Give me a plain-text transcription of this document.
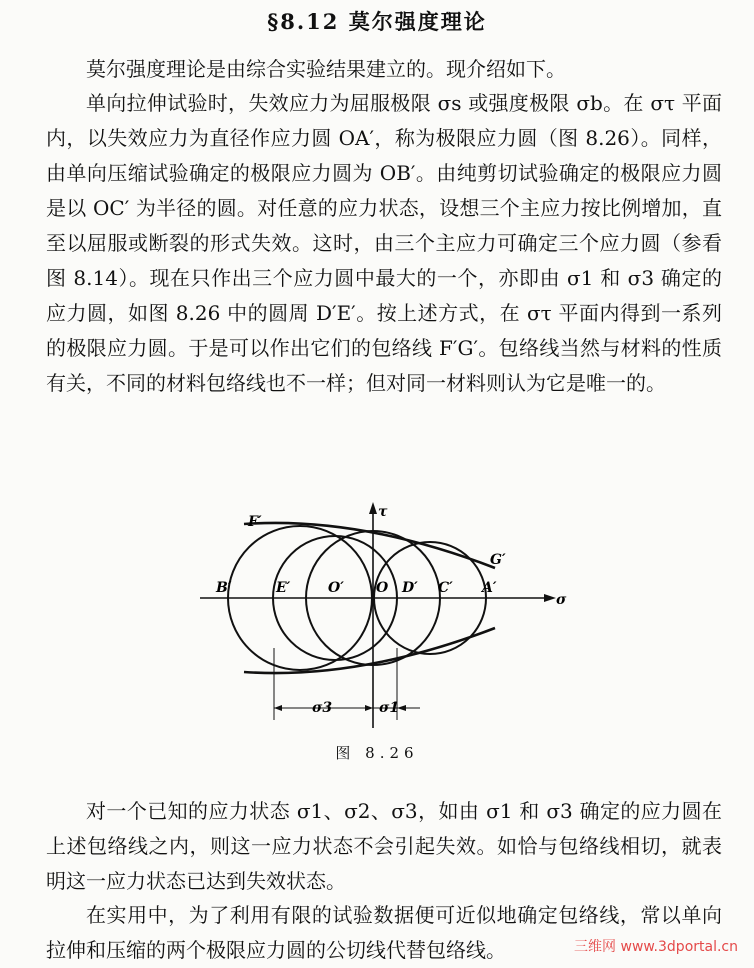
§8.12 莫尔强度理论

莫尔强度理论是由综合实验结果建立的。现介绍如下。

单向拉伸试验时，失效应力为屈服极限 σs 或强度极限 σb。在 στ 平面内，以失效应力为直径作应力圆 OA′，称为极限应力圆（图 8.26）。同样，由单向压缩试验确定的极限应力圆为 OB′。由纯剪切试验确定的极限应力圆是以 OC′ 为半径的圆。对任意的应力状态，设想三个主应力按比例增加，直至以屈服或断裂的形式失效。这时，由三个主应力可确定三个应力圆（参看图 8.14）。现在只作出三个应力圆中最大的一个，亦即由 σ1 和 σ3 确定的应力圆，如图 8.26 中的圆周 D′E′。按上述方式，在 στ 平面内得到一系列的极限应力圆。于是可以作出它们的包络线 F′G′。包络线当然与材料的性质有关，不同的材料包络线也不一样；但对同一材料则认为它是唯一的。

F′
G′
τ
σ
B′	E′	O′ O D′ C′ A′
σ3	σ1
图 8.26

对一个已知的应力状态 σ1、σ2、σ3，如由 σ1 和 σ3 确定的应力圆在上述包络线之内，则这一应力状态不会引起失效。如恰与包络线相切，就表明这一应力状态已达到失效状态。

在实用中，为了利用有限的试验数据便可近似地确定包络线，常以单向拉伸和压缩的两个极限应力圆的公切线代替包络线。	三维网 www.3dportal.cn
